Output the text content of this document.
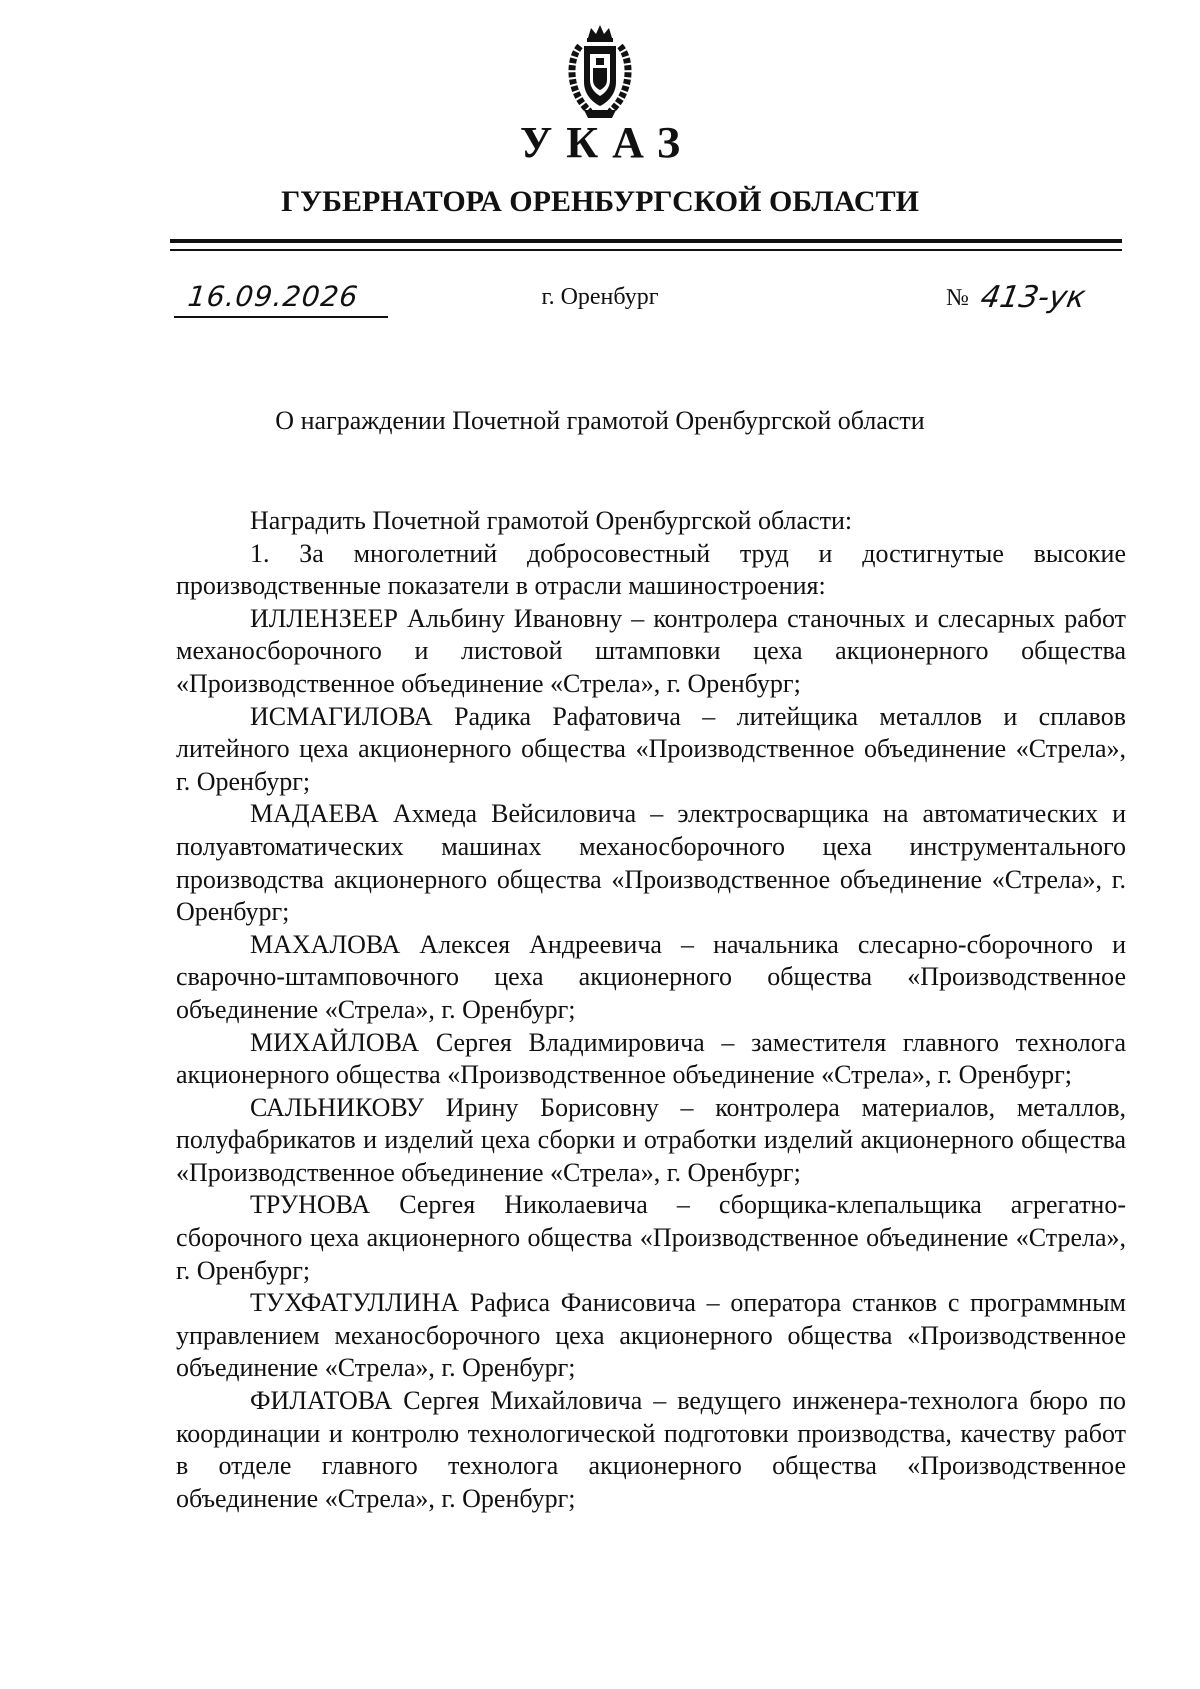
УКАЗ
ГУБЕРНАТОРА ОРЕНБУРГСКОЙ ОБЛАСТИ
16.09.2026	г. Оренбург	№ 413-ук
О награждении Почетной грамотой Оренбургской области

Наградить Почетной грамотой Оренбургской области:

1. За многолетний добросовестный труд и достигнутые высокие производственные показатели в отрасли машиностроения:

ИЛЛЕНЗЕЕР Альбину Ивановну – контролера станочных и слесарных работ механосборочного и листовой штамповки цеха акционерного общества «Производственное объединение «Стрела», г. Оренбург;

ИСМАГИЛОВА Радика Рафатовича – литейщика металлов и сплавов литейного цеха акционерного общества «Производственное объединение «Стрела», г. Оренбург;

МАДАЕВА Ахмеда Вейсиловича – электросварщика на автоматических и полуавтоматических машинах механосборочного цеха инструментального производства акционерного общества «Производственное объединение «Стрела», г. Оренбург;

МАХАЛОВА Алексея Андреевича – начальника слесарно-сборочного и сварочно-штамповочного цеха акционерного общества «Производственное объединение «Стрела», г. Оренбург;

МИХАЙЛОВА Сергея Владимировича – заместителя главного технолога акционерного общества «Производственное объединение «Стрела», г. Оренбург;

САЛЬНИКОВУ Ирину Борисовну – контролера материалов, металлов, полуфабрикатов и изделий цеха сборки и отработки изделий акционерного общества «Производственное объединение «Стрела», г. Оренбург;

ТРУНОВА Сергея Николаевича – сборщика-клепальщика агрегатно-сборочного цеха акционерного общества «Производственное объединение «Стрела», г. Оренбург;

ТУХФАТУЛЛИНА Рафиса Фанисовича – оператора станков с программным управлением механосборочного цеха акционерного общества «Производственное объединение «Стрела», г. Оренбург;

ФИЛАТОВА Сергея Михайловича – ведущего инженера-технолога бюро по координации и контролю технологической подготовки производства, качеству работ в отделе главного технолога акционерного общества «Производственное объединение «Стрела», г. Оренбург;
